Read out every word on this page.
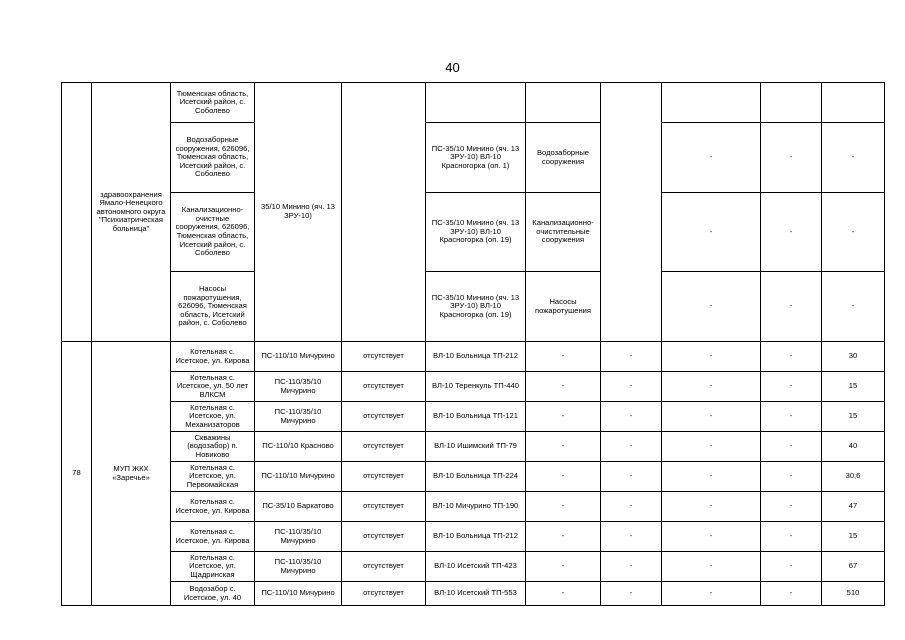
40
	здравоохранения Ямало-Ненецкого автономного округа "Психиатрическая больница"	Тюменская область, Исетский район, с. Соболево	35/10 Минино (яч. 13 ЗРУ-10)							
		Водозаборные сооружения, 626096, Тюменская область, Исетский район, с. Соболево			ПС-35/10 Минино (яч. 13 ЗРУ-10) ВЛ-10 Красногорка (оп. 1)	Водозаборные сооружения		-	-	-
		Канализационно-очистные сооружения, 626096, Тюменская область, Исетский район, с. Соболево			ПС-35/10 Минино (яч. 13 ЗРУ-10) ВЛ-10 Красногорка (оп. 19)	Канализационно-очистительные сооружения		-	-	-
		Насосы пожаротушения, 626096, Тюменская область, Исетский район, с. Соболево			ПС-35/10 Минино (яч. 13 ЗРУ-10) ВЛ-10 Красногорка (оп. 19)	Насосы пожаротушения		-	-	-
78	МУП ЖКХ «Заречье»	Котельная с. Исетское, ул. Кирова	ПС-110/10 Мичурино	отсутствует	ВЛ-10 Больница ТП-212	-	-	-	-	30
		Котельная с. Исетское, ул. 50 лет ВЛКСМ	ПС-110/35/10 Мичурино	отсутствует	ВЛ-10 Теренкуль ТП-440	-	-	-	-	15
		Котельная с. Исетское, ул. Механизаторов	ПС-110/35/10 Мичурино	отсутствует	ВЛ-10 Больница ТП-121	-	-	-	-	15
		Скважины (водозабор) п. Новиково	ПС-110/10 Красново	отсутствует	ВЛ-10 Ишимский ТП-79	-	-	-	-	40
		Котельная с. Исетское, ул. Первомайская	ПС-110/10 Мичурино	отсутствует	ВЛ-10 Больница ТП-224	-	-	-	-	30,6
		Котельная с. Исетское, ул. Кирова	ПС-35/10 Баркатово	отсутствует	ВЛ-10 Мичурино ТП-190	-	-	-	-	47
		Котельная с. Исетское, ул. Кирова	ПС-110/35/10 Мичурино	отсутствует	ВЛ-10 Больница ТП-212	-	-	-	-	15
		Котельная с. Исетское, ул. Щадринская	ПС-110/35/10 Мичурино	отсутствует	ВЛ-10 Исетский ТП-423	-	-	-	-	67
		Водозабор с. Исетское, ул. 40	ПС-110/10 Мичурино	отсутствует	ВЛ-10 Исетский ТП-553	-	-	-	-	510
